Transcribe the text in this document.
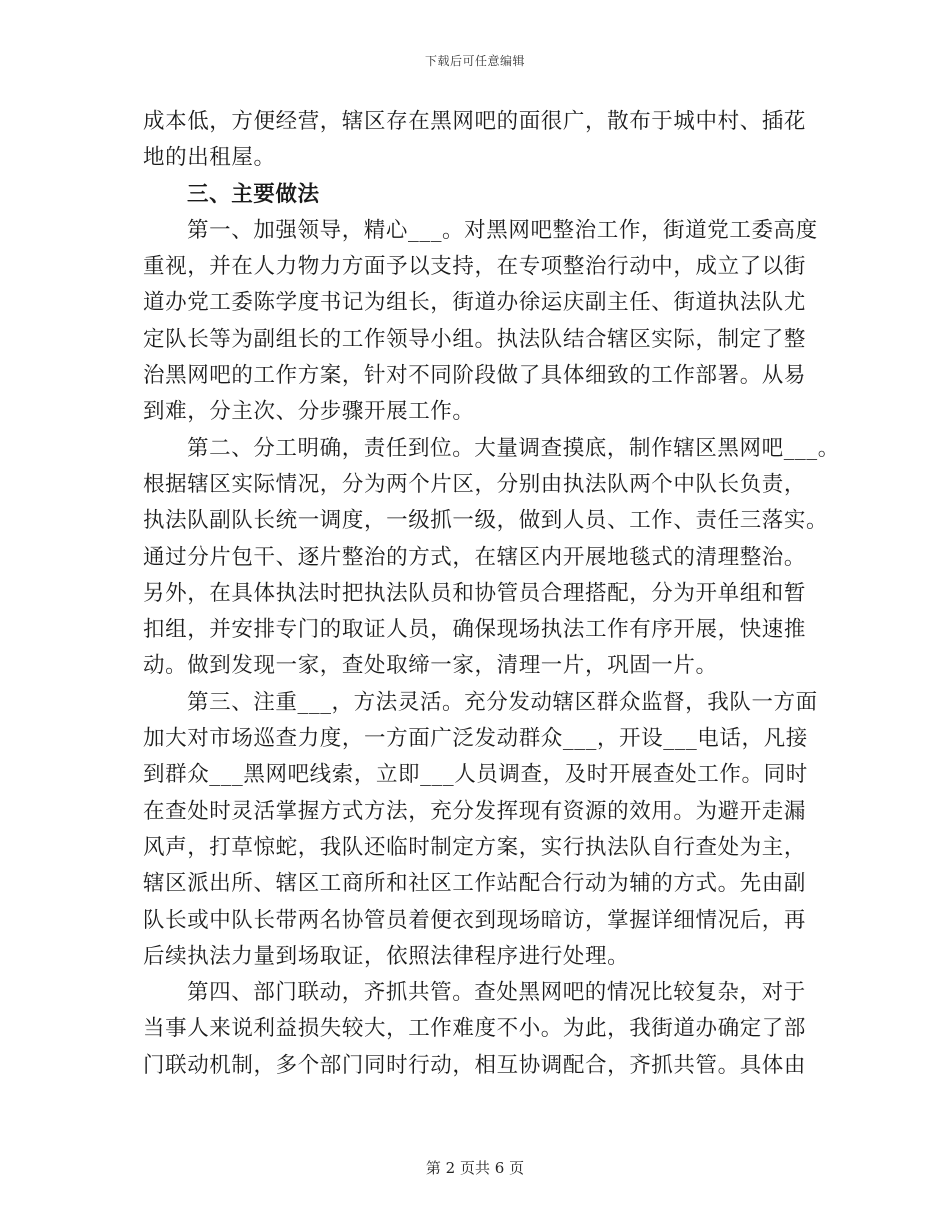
下载后可任意编辑
成本低，方便经营，辖区存在黑网吧的面很广，散布于城中村、插花
地的出租屋。
三、主要做法
第一、加强领导，精心___。对黑网吧整治工作，街道党工委高度
重视，并在人力物力方面予以支持，在专项整治行动中，成立了以街
道办党工委陈学度书记为组长，街道办徐运庆副主任、街道执法队尤
定队长等为副组长的工作领导小组。执法队结合辖区实际，制定了整
治黑网吧的工作方案，针对不同阶段做了具体细致的工作部署。从易
到难，分主次、分步骤开展工作。
第二、分工明确，责任到位。大量调查摸底，制作辖区黑网吧___。
根据辖区实际情况，分为两个片区，分别由执法队两个中队长负责，
执法队副队长统一调度，一级抓一级，做到人员、工作、责任三落实。
通过分片包干、逐片整治的方式，在辖区内开展地毯式的清理整治。
另外，在具体执法时把执法队员和协管员合理搭配，分为开单组和暂
扣组，并安排专门的取证人员，确保现场执法工作有序开展，快速推
动。做到发现一家，查处取缔一家，清理一片，巩固一片。
第三、注重___，方法灵活。充分发动辖区群众监督，我队一方面
加大对市场巡查力度，一方面广泛发动群众___，开设___电话，凡接
到群众___黑网吧线索，立即___人员调查，及时开展查处工作。同时
在查处时灵活掌握方式方法，充分发挥现有资源的效用。为避开走漏
风声，打草惊蛇，我队还临时制定方案，实行执法队自行查处为主，
辖区派出所、辖区工商所和社区工作站配合行动为辅的方式。先由副
队长或中队长带两名协管员着便衣到现场暗访，掌握详细情况后，再
后续执法力量到场取证，依照法律程序进行处理。
第四、部门联动，齐抓共管。查处黑网吧的情况比较复杂，对于
当事人来说利益损失较大，工作难度不小。为此，我街道办确定了部
门联动机制，多个部门同时行动，相互协调配合，齐抓共管。具体由
第 2 页共 6 页
